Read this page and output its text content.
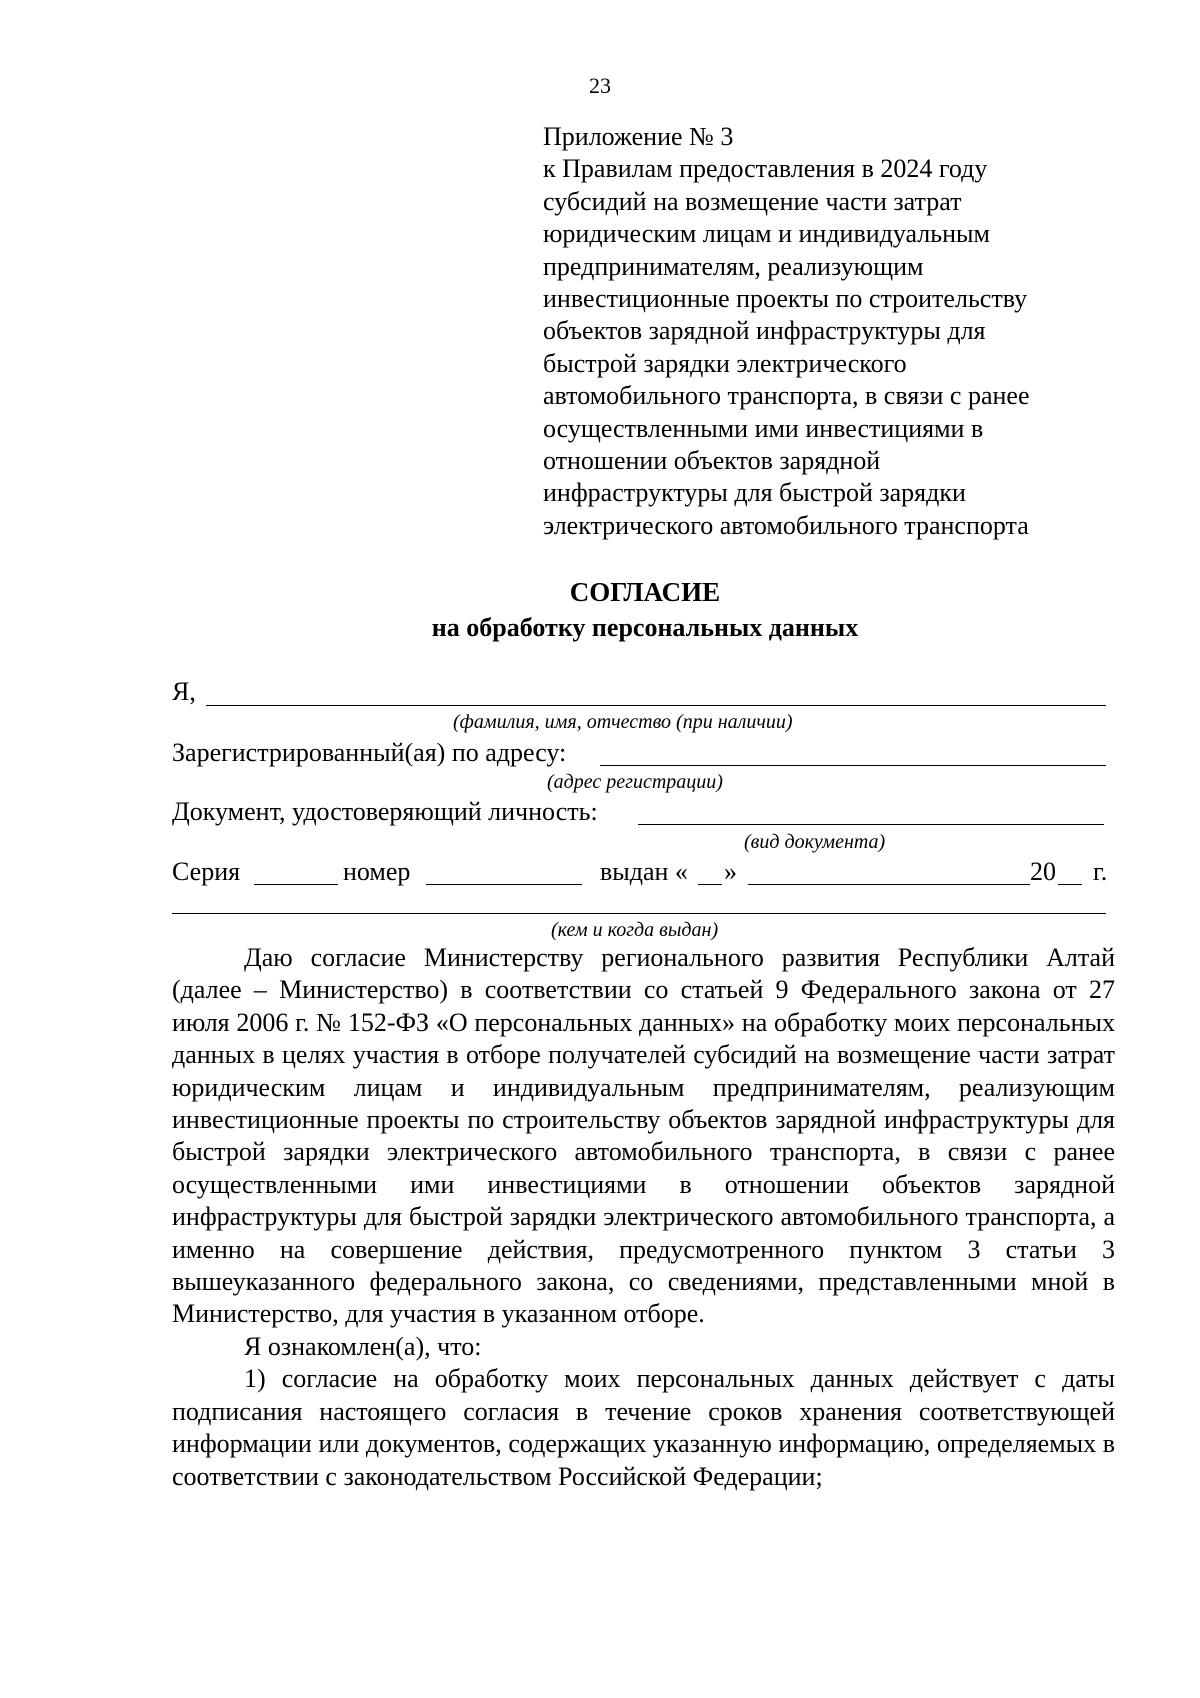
23
Приложение № 3
к Правилам предоставления в 2024 году
субсидий на возмещение части затрат
юридическим лицам и индивидуальным
предпринимателям, реализующим
инвестиционные проекты по строительству
объектов зарядной инфраструктуры для
быстрой зарядки электрического
автомобильного транспорта, в связи с ранее
осуществленными ими инвестициями в
отношении объектов зарядной
инфраструктуры для быстрой зарядки
электрического автомобильного транспорта
СОГЛАСИЕ
на обработку персональных данных
Я,
(фамилия, имя, отчество (при наличии)
Зарегистрированный(ая) по адресу:
(адрес регистрации)
Документ, удостоверяющий личность:
(вид документа)
Серия	номер	выдан « »	20 г.
(кем и когда выдан)

Даю согласие Министерству регионального развития Республики Алтай (далее – Министерство) в соответствии со статьей 9 Федерального закона от 27 июля 2006 г. № 152-ФЗ «О персональных данных» на обработку моих персональных данных в целях участия в отборе получателей субсидий на возмещение части затрат юридическим лицам и индивидуальным предпринимателям, реализующим инвестиционные проекты по строительству объектов зарядной инфраструктуры для быстрой зарядки электрического автомобильного транспорта, в связи с ранее осуществленными ими инвестициями в отношении объектов зарядной инфраструктуры для быстрой зарядки электрического автомобильного транспорта, а именно на совершение действия, предусмотренного пунктом 3 статьи 3 вышеуказанного федерального закона, со сведениями, представленными мной в Министерство, для участия в указанном отборе.

Я ознакомлен(а), что:

1) согласие на обработку моих персональных данных действует с даты подписания настоящего согласия в течение сроков хранения соответствующей информации или документов, содержащих указанную информацию, определяемых в соответствии с законодательством Российской Федерации;
